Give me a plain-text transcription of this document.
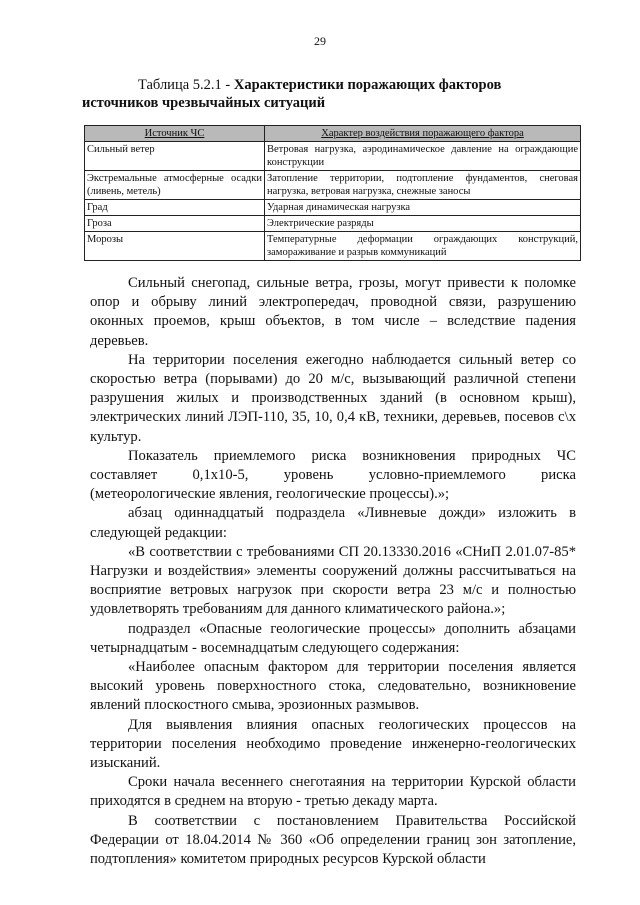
29
Таблица 5.2.1 - Характеристики поражающих факторов
источников чрезвычайных ситуаций
Источник ЧС	Характер воздействия поражающего фактора
Сильный ветер	Ветровая нагрузка, аэродинамическое давление на ограждающие конструкции
Экстремальные атмосферные осадки (ливень, метель)	Затопление территории, подтопление фундаментов, снеговая нагрузка, ветровая нагрузка, снежные заносы
Град	Ударная динамическая нагрузка
Гроза	Электрические разряды
Морозы	Температурные деформации ограждающих конструкций, замораживание и разрыв коммуникаций

Сильный снегопад, сильные ветра, грозы, могут привести к поломке опор и обрыву линий электропередач, проводной связи, разрушению оконных проемов, крыш объектов, в том числе – вследствие падения деревьев.

На территории поселения ежегодно наблюдается сильный ветер со скоростью ветра (порывами) до 20 м/с, вызывающий различной степени разрушения жилых и производственных зданий (в основном крыш), электрических линий ЛЭП-110, 35, 10, 0,4 кВ, техники, деревьев, посевов с\х культур.

Показатель приемлемого риска возникновения природных ЧС составляет 0,1x10-5, уровень условно-приемлемого риска (метеорологические явления, геологические процессы).»;

абзац одиннадцатый подраздела «Ливневые дожди» изложить в следующей редакции:

«В соответствии с требованиями СП 20.13330.2016 «СНиП 2.01.07-85* Нагрузки и воздействия» элементы сооружений должны рассчитываться на восприятие ветровых нагрузок при скорости ветра 23 м/с и полностью удовлетворять требованиям для данного климатического района.»;

подраздел «Опасные геологические процессы» дополнить абзацами четырнадцатым - восемнадцатым следующего содержания:

«Наиболее опасным фактором для территории поселения является высокий уровень поверхностного стока, следовательно, возникновение явлений плоскостного смыва, эрозионных размывов.

Для выявления влияния опасных геологических процессов на территории поселения необходимо проведение инженерно-геологических изысканий.

Сроки начала весеннего снеготаяния на территории Курской области приходятся в среднем на вторую - третью декаду марта.

В соответствии с постановлением Правительства Российской Федерации от 18.04.2014 № 360 «Об определении границ зон затопление, подтопления» комитетом природных ресурсов Курской области
